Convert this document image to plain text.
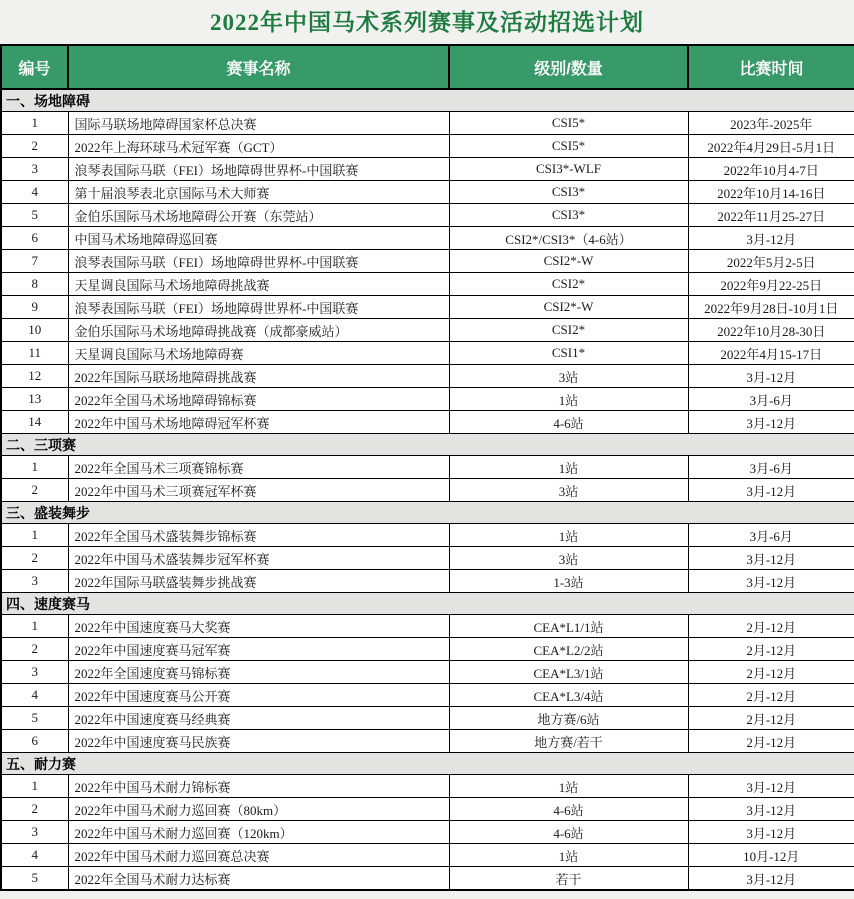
2022年中国马术系列赛事及活动招选计划
编号	赛事名称	级别/数量	比赛时间
一、场地障碍			
1	国际马联场地障碍国家杯总决赛	CSI5*	2023年-2025年
2	2022年上海环球马术冠军赛（GCT）	CSI5*	2022年4月29日-5月1日
3	浪琴表国际马联（FEI）场地障碍世界杯-中国联赛	CSI3*-WLF	2022年10月4-7日
4	第十届浪琴表北京国际马术大师赛	CSI3*	2022年10月14-16日
5	金伯乐国际马术场地障碍公开赛（东莞站）	CSI3*	2022年11月25-27日
6	中国马术场地障碍巡回赛	CSI2*/CSI3*（4-6站）	3月-12月
7	浪琴表国际马联（FEI）场地障碍世界杯-中国联赛	CSI2*-W	2022年5月2-5日
8	天星调良国际马术场地障碍挑战赛	CSI2*	2022年9月22-25日
9	浪琴表国际马联（FEI）场地障碍世界杯-中国联赛	CSI2*-W	2022年9月28日-10月1日
10	金伯乐国际马术场地障碍挑战赛（成都豪威站）	CSI2*	2022年10月28-30日
11	天星调良国际马术场地障碍赛	CSI1*	2022年4月15-17日
12	2022年国际马联场地障碍挑战赛	3站	3月-12月
13	2022年全国马术场地障碍锦标赛	1站	3月-6月
14	2022年中国马术场地障碍冠军杯赛	4-6站	3月-12月
二、三项赛			
1	2022年全国马术三项赛锦标赛	1站	3月-6月
2	2022年中国马术三项赛冠军杯赛	3站	3月-12月
三、盛装舞步			
1	2022年全国马术盛装舞步锦标赛	1站	3月-6月
2	2022年中国马术盛装舞步冠军杯赛	3站	3月-12月
3	2022年国际马联盛装舞步挑战赛	1-3站	3月-12月
四、速度赛马			
1	2022年中国速度赛马大奖赛	CEA*L1/1站	2月-12月
2	2022年中国速度赛马冠军赛	CEA*L2/2站	2月-12月
3	2022年全国速度赛马锦标赛	CEA*L3/1站	2月-12月
4	2022年中国速度赛马公开赛	CEA*L3/4站	2月-12月
5	2022年中国速度赛马经典赛	地方赛/6站	2月-12月
6	2022年中国速度赛马民族赛	地方赛/若干	2月-12月
五、耐力赛			
1	2022年中国马术耐力锦标赛	1站	3月-12月
2	2022年中国马术耐力巡回赛（80km）	4-6站	3月-12月
3	2022年中国马术耐力巡回赛（120km）	4-6站	3月-12月
4	2022年中国马术耐力巡回赛总决赛	1站	10月-12月
5	2022年全国马术耐力达标赛	若干	3月-12月
